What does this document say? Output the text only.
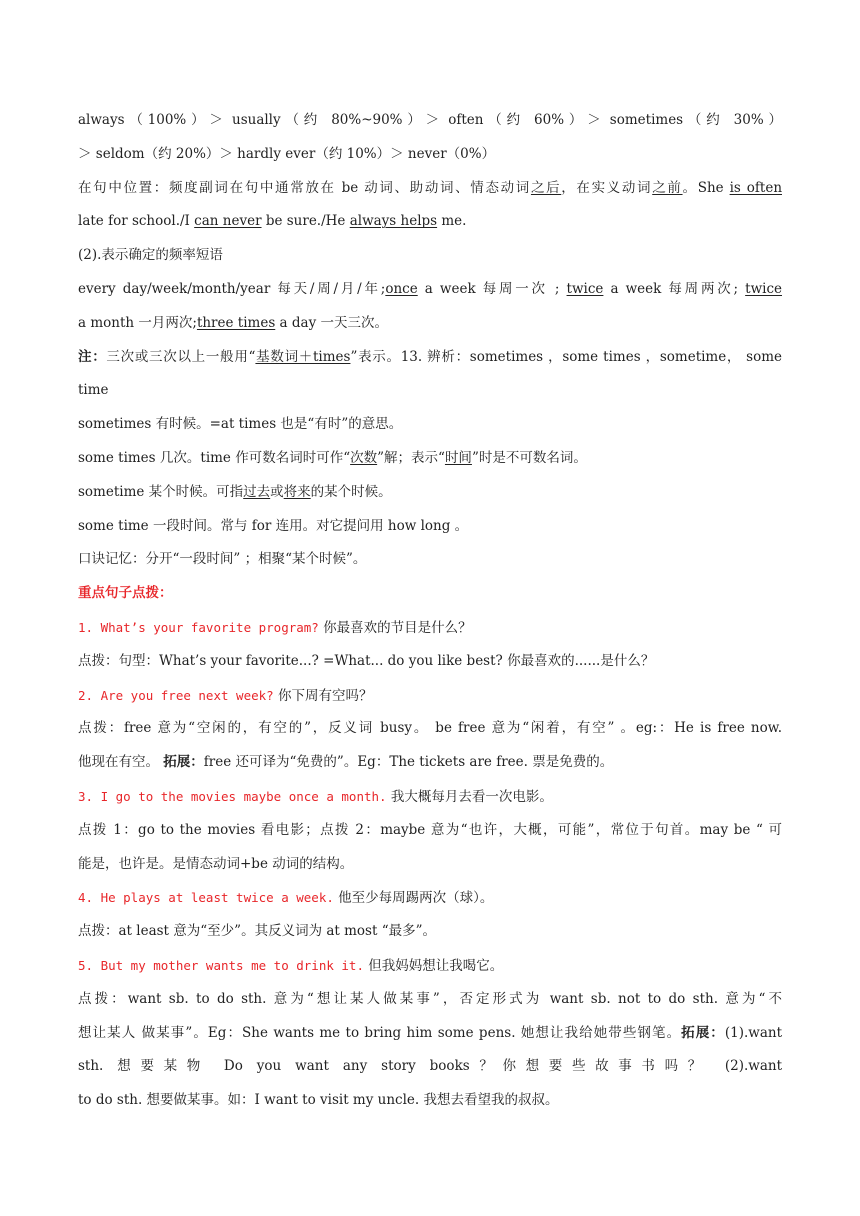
always（100%）＞ usually（约 80%~90%）＞ often（约 60%）＞ sometimes（约 30%）
＞ seldom（约 20%）＞ hardly ever（约 10%）＞ never（0%）
在句中位置：频度副词在句中通常放在 be 动词、助动词、情态动词之后，在实义动词之前。She is often
late for school./I can never be sure./He always helps me.
(2).表示确定的频率短语
every day/week/month/year 每天/周/月/年;once a week 每周一次 ; twice a week 每周两次; twice
a month 一月两次;three times a day 一天三次。
注：三次或三次以上一般用“基数词＋times”表示。13. 辨析：sometimes ，some times ，sometime， some
time
sometimes 有时候。=at times 也是“有时”的意思。
some times 几次。time 作可数名词时可作“次数”解；表示“时间”时是不可数名词。
sometime 某个时候。可指过去或将来的某个时候。
some time 一段时间。常与 for 连用。对它提问用 how long 。
口诀记忆：分开“一段时间” ；相聚“某个时候”。
重点句子点拨：
1. What’s your favorite program? 你最喜欢的节目是什么？
点拨：句型：What’s your favorite...? =What... do you like best? 你最喜欢的......是什么？
2. Are you free next week? 你下周有空吗？
点拨：free 意为“空闲的，有空的”，反义词 busy。 be free 意为“闲着，有空” 。eg:：He is free now.
他现在有空。 拓展：free 还可译为“免费的”。Eg：The tickets are free. 票是免费的。
3. I go to the movies maybe once a month. 我大概每月去看一次电影。
点拨 1：go to the movies 看电影；点拨 2：maybe 意为“也许，大概，可能”，常位于句首。may be “ 可
能是，也许是。是情态动词+be 动词的结构。
4. He plays at least twice a week. 他至少每周踢两次（球）。
点拨：at least 意为“至少”。其反义词为 at most “最多”。
5. But my mother wants me to drink it. 但我妈妈想让我喝它。
点拨：want sb. to do sth. 意为“想让某人做某事”，否定形式为 want sb. not to do sth. 意为“不
想让某人 做某事”。Eg：She wants me to bring him some pens. 她想让我给她带些钢笔。拓展：(1).want
sth. 想要某物 Do you want any story books？你想要些故事书吗？ (2).want
to do sth. 想要做某事。如：I want to visit my uncle. 我想去看望我的叔叔。
